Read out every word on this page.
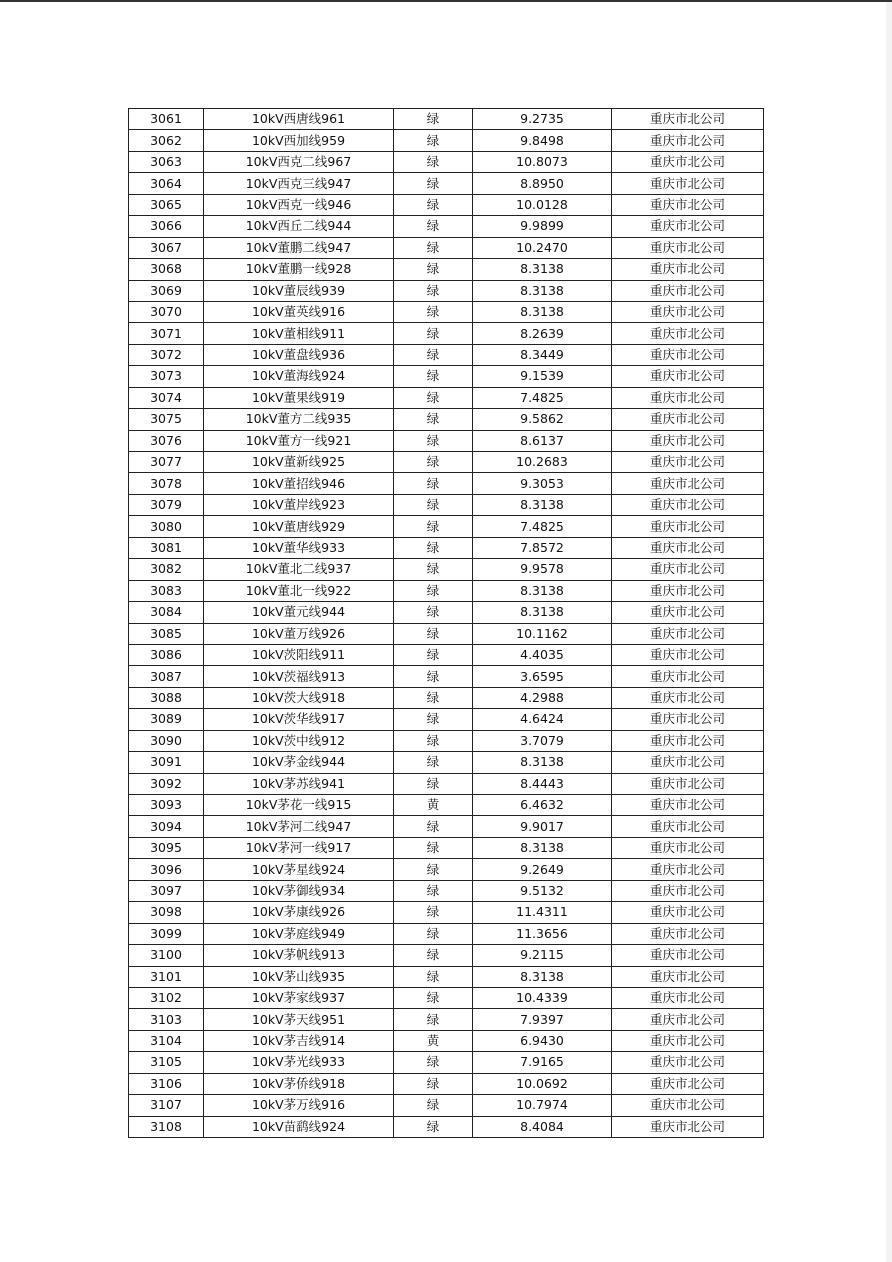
3061	10kV西唐线961	绿	9.2735	重庆市北公司
3062	10kV西加线959	绿	9.8498	重庆市北公司
3063	10kV西克二线967	绿	10.8073	重庆市北公司
3064	10kV西克三线947	绿	8.8950	重庆市北公司
3065	10kV西克一线946	绿	10.0128	重庆市北公司
3066	10kV西丘二线944	绿	9.9899	重庆市北公司
3067	10kV董鹏二线947	绿	10.2470	重庆市北公司
3068	10kV董鹏一线928	绿	8.3138	重庆市北公司
3069	10kV董辰线939	绿	8.3138	重庆市北公司
3070	10kV董英线916	绿	8.3138	重庆市北公司
3071	10kV董相线911	绿	8.2639	重庆市北公司
3072	10kV董盘线936	绿	8.3449	重庆市北公司
3073	10kV董海线924	绿	9.1539	重庆市北公司
3074	10kV董果线919	绿	7.4825	重庆市北公司
3075	10kV董方二线935	绿	9.5862	重庆市北公司
3076	10kV董方一线921	绿	8.6137	重庆市北公司
3077	10kV董新线925	绿	10.2683	重庆市北公司
3078	10kV董招线946	绿	9.3053	重庆市北公司
3079	10kV董岸线923	绿	8.3138	重庆市北公司
3080	10kV董唐线929	绿	7.4825	重庆市北公司
3081	10kV董华线933	绿	7.8572	重庆市北公司
3082	10kV董北二线937	绿	9.9578	重庆市北公司
3083	10kV董北一线922	绿	8.3138	重庆市北公司
3084	10kV董元线944	绿	8.3138	重庆市北公司
3085	10kV董万线926	绿	10.1162	重庆市北公司
3086	10kV茨阳线911	绿	4.4035	重庆市北公司
3087	10kV茨福线913	绿	3.6595	重庆市北公司
3088	10kV茨大线918	绿	4.2988	重庆市北公司
3089	10kV茨华线917	绿	4.6424	重庆市北公司
3090	10kV茨中线912	绿	3.7079	重庆市北公司
3091	10kV茅金线944	绿	8.3138	重庆市北公司
3092	10kV茅苏线941	绿	8.4443	重庆市北公司
3093	10kV茅花一线915	黄	6.4632	重庆市北公司
3094	10kV茅河二线947	绿	9.9017	重庆市北公司
3095	10kV茅河一线917	绿	8.3138	重庆市北公司
3096	10kV茅星线924	绿	9.2649	重庆市北公司
3097	10kV茅御线934	绿	9.5132	重庆市北公司
3098	10kV茅康线926	绿	11.4311	重庆市北公司
3099	10kV茅庭线949	绿	11.3656	重庆市北公司
3100	10kV茅帆线913	绿	9.2115	重庆市北公司
3101	10kV茅山线935	绿	8.3138	重庆市北公司
3102	10kV茅家线937	绿	10.4339	重庆市北公司
3103	10kV茅天线951	绿	7.9397	重庆市北公司
3104	10kV茅吉线914	黄	6.9430	重庆市北公司
3105	10kV茅光线933	绿	7.9165	重庆市北公司
3106	10kV茅侨线918	绿	10.0692	重庆市北公司
3107	10kV茅万线916	绿	10.7974	重庆市北公司
3108	10kV苗鹞线924	绿	8.4084	重庆市北公司
